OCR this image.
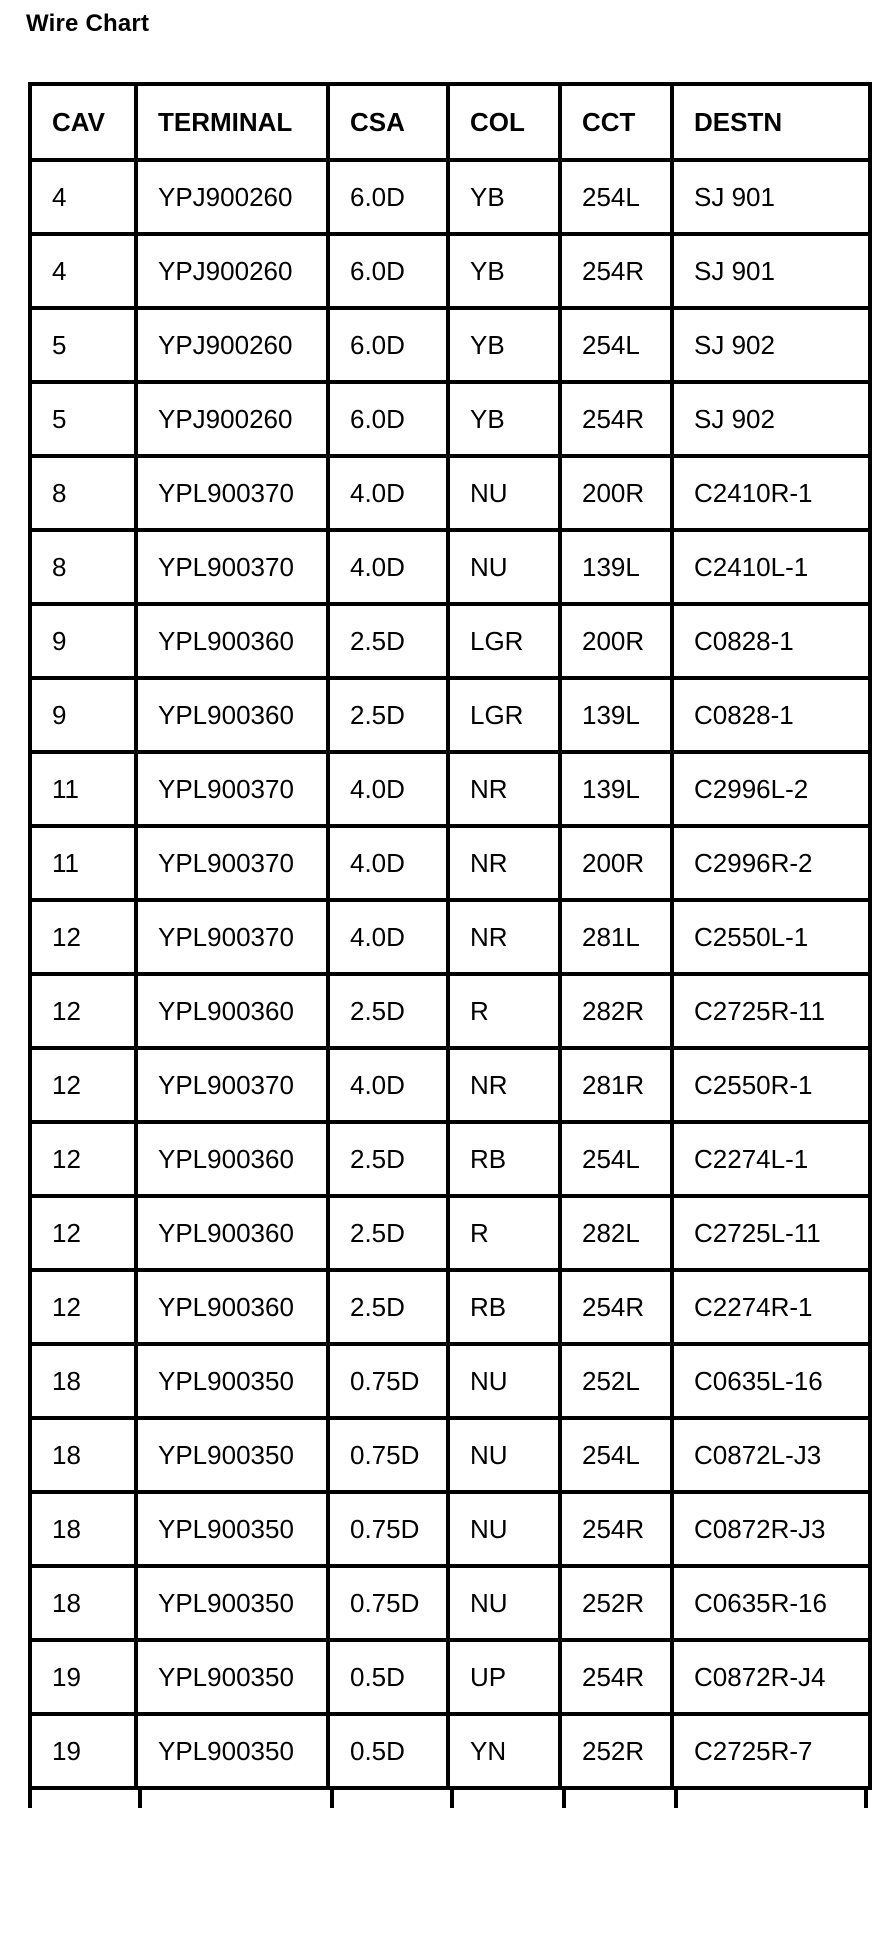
Wire Chart
CAV	TERMINAL	CSA	COL	CCT	DESTN
4	YPJ900260	6.0D	YB	254L	SJ 901
4	YPJ900260	6.0D	YB	254R	SJ 901
5	YPJ900260	6.0D	YB	254L	SJ 902
5	YPJ900260	6.0D	YB	254R	SJ 902
8	YPL900370	4.0D	NU	200R	C2410R-1
8	YPL900370	4.0D	NU	139L	C2410L-1
9	YPL900360	2.5D	LGR	200R	C0828-1
9	YPL900360	2.5D	LGR	139L	C0828-1
11	YPL900370	4.0D	NR	139L	C2996L-2
11	YPL900370	4.0D	NR	200R	C2996R-2
12	YPL900370	4.0D	NR	281L	C2550L-1
12	YPL900360	2.5D	R	282R	C2725R-11
12	YPL900370	4.0D	NR	281R	C2550R-1
12	YPL900360	2.5D	RB	254L	C2274L-1
12	YPL900360	2.5D	R	282L	C2725L-11
12	YPL900360	2.5D	RB	254R	C2274R-1
18	YPL900350	0.75D	NU	252L	C0635L-16
18	YPL900350	0.75D	NU	254L	C0872L-J3
18	YPL900350	0.75D	NU	254R	C0872R-J3
18	YPL900350	0.75D	NU	252R	C0635R-16
19	YPL900350	0.5D	UP	254R	C0872R-J4
19	YPL900350	0.5D	YN	252R	C2725R-7
